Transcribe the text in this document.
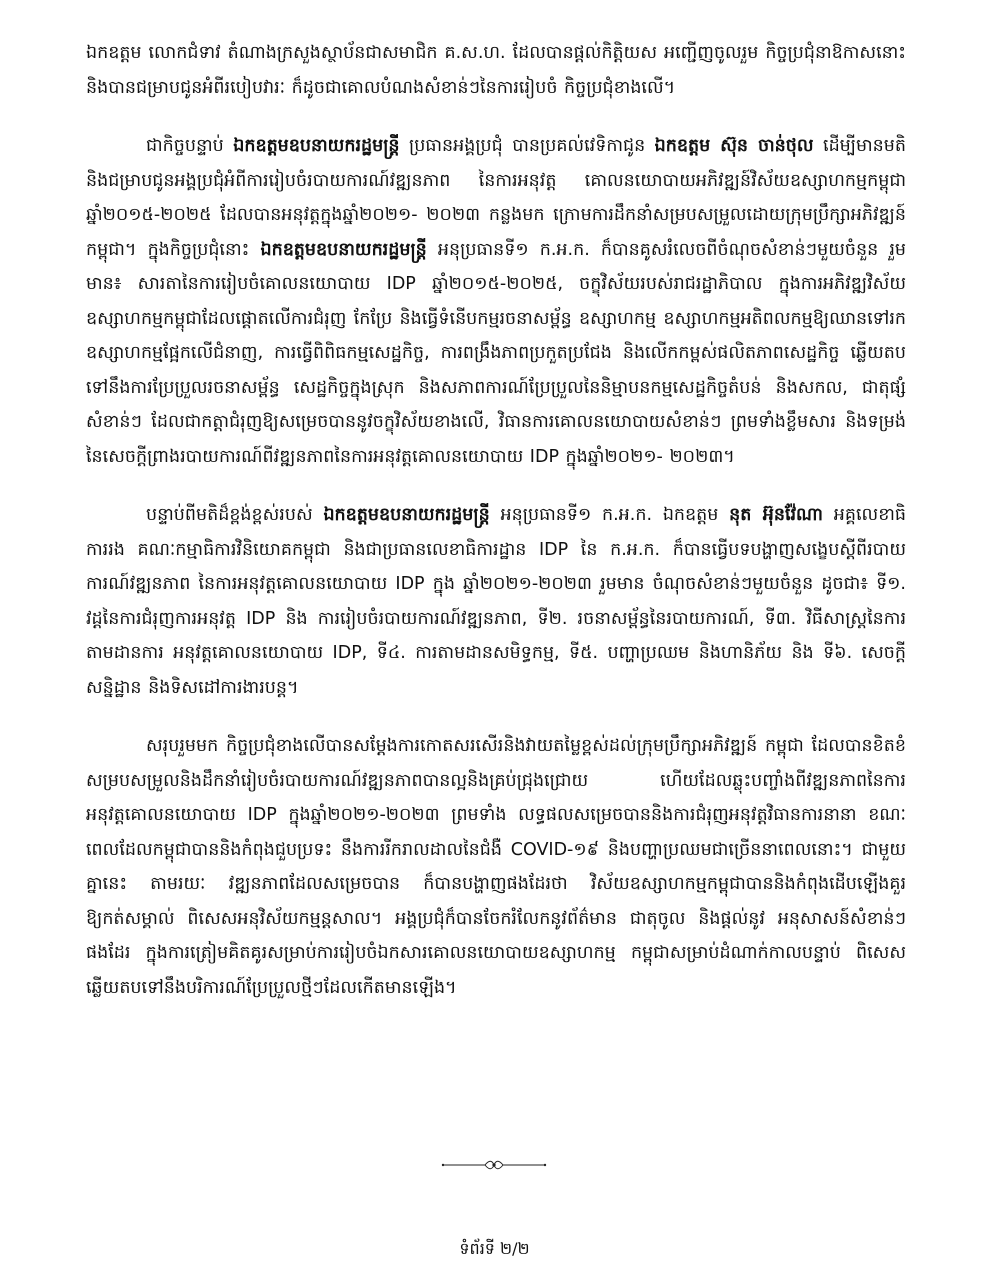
ឯកឧត្តម លោកជំទាវ តំណាងក្រសួងស្ថាប័នជាសមាជិក គ.ស.ហ. ដែលបានផ្តល់កិត្តិយស អញ្ជើញចូលរួម កិច្ចប្រជុំនាឱកាសនោះ និងបានជម្រាបជូនអំពីរបៀបវារៈ ក៏ដូចជាគោលបំណងសំខាន់ៗនៃការរៀបចំ កិច្ចប្រជុំខាងលើ។

ជាកិច្ចបន្ទាប់ ឯកឧត្តមឧបនាយករដ្ឋមន្ត្រី ប្រធានអង្គប្រជុំ បានប្រគល់វេទិកាជូន ឯកឧត្តម ស៊ុន ចាន់ថុល ដើម្បីមានមតិ និងជម្រាបជូនអង្គប្រជុំអំពីការរៀបចំរបាយការណ៍វឌ្ឍនភាព នៃការអនុវត្ត គោលនយោបាយអភិវឌ្ឍន៍វិស័យឧស្សាហកម្មកម្ពុជា ឆ្នាំ២០១៥-២០២៥ ដែលបានអនុវត្តក្នុងឆ្នាំ២០២១- ២០២៣ កន្លងមក ក្រោមការដឹកនាំសម្របសម្រួលដោយក្រុមប្រឹក្សាអភិវឌ្ឍន៍កម្ពុជា។ ក្នុងកិច្ចប្រជុំនោះ ឯកឧត្តមឧបនាយករដ្ឋមន្ត្រី អនុប្រធានទី១ ក.អ.ក. ក៏បានគូសរំលេចពីចំណុចសំខាន់ៗមួយចំនួន រួមមាន៖ សារតានៃការរៀបចំគោលនយោបាយ IDP ឆ្នាំ២០១៥-២០២៥, ចក្ខុវិស័យរបស់រាជរដ្ឋាភិបាល ក្នុងការអភិវឌ្ឍវិស័យឧស្សាហកម្មកម្ពុជាដែលផ្តោតលើការជំរុញ កែប្រែ និងធ្វើទំនើបកម្មរចនាសម្ព័ន្ធ ឧស្សាហកម្ម ឧស្សាហកម្មអតិពលកម្មឱ្យឈានទៅរកឧស្សាហកម្មផ្អែកលើជំនាញ, ការធ្វើពិពិធកម្មសេដ្ឋកិច្ច, ការពង្រឹងភាពប្រកួតប្រជែង និងលើកកម្ពស់ផលិតភាពសេដ្ឋកិច្ច ឆ្លើយតបទៅនឹងការប្រែប្រួលរចនាសម្ព័ន្ធ សេដ្ឋកិច្ចក្នុងស្រុក និងសភាពការណ៍ប្រែប្រួលនៃនិម្មាបនកម្មសេដ្ឋកិច្ចតំបន់ និងសកល, ជាតុផ្សំសំខាន់ៗ ដែលជាកត្តាជំរុញឱ្យសម្រេចបាននូវចក្ខុវិស័យខាងលើ, វិធានការគោលនយោបាយសំខាន់ៗ ព្រមទាំងខ្លឹមសារ និងទម្រង់នៃសេចក្តីព្រាងរបាយការណ៍ពីវឌ្ឍនភាពនៃការអនុវត្តគោលនយោបាយ IDP ក្នុងឆ្នាំ២០២១- ២០២៣។

បន្ទាប់ពីមតិដ៏ខ្ពង់ខ្ពស់របស់ ឯកឧត្តមឧបនាយករដ្ឋមន្ត្រី អនុប្រធានទី១ ក.អ.ក. ឯកឧត្តម នុត អ៊ុនវ៉ែណា អគ្គលេខាធិការរង គណៈកម្មាធិការវិនិយោគកម្ពុជា និងជាប្រធានលេខាធិការដ្ឋាន IDP នៃ ក.អ.ក. ក៏បានធ្វើបទបង្ហាញសង្ខេបស្តីពីរបាយការណ៍វឌ្ឍនភាព នៃការអនុវត្តគោលនយោបាយ IDP ក្នុង ឆ្នាំ២០២១-២០២៣ រួមមាន ចំណុចសំខាន់ៗមួយចំនួន ដូចជា៖ ទី១. វដ្តនៃការជំរុញការអនុវត្ត IDP និង ការរៀបចំរបាយការណ៍វឌ្ឍនភាព, ទី២. រចនាសម្ព័ន្ធនៃរបាយការណ៍, ទី៣. វិធីសាស្ត្រនៃការតាមដានការ អនុវត្តគោលនយោបាយ IDP, ទី៤. ការតាមដានសមិទ្ធកម្ម, ទី៥. បញ្ហាប្រឈម និងហានិភ័យ និង ទី៦. សេចក្តីសន្និដ្ឋាន និងទិសដៅការងារបន្ត។

សរុបរួមមក កិច្ចប្រជុំខាងលើបានសម្តែងការកោតសរសើរនិងវាយតម្លៃខ្ពស់ដល់ក្រុមប្រឹក្សាអភិវឌ្ឍន៍ កម្ពុជា ដែលបានខិតខំសម្របសម្រួលនិងដឹកនាំរៀបចំរបាយការណ៍វឌ្ឍនភាពបានល្អនិងគ្រប់ជ្រុងជ្រោយ ហើយដែលឆ្លុះបញ្ចាំងពីវឌ្ឍនភាពនៃការអនុវត្តគោលនយោបាយ IDP ក្នុងឆ្នាំ២០២១-២០២៣ ព្រមទាំង លទ្ធផលសម្រេចបាននិងការជំរុញអនុវត្តវិធានការនានា ខណៈពេលដែលកម្ពុជាបាននិងកំពុងជួបប្រទះ នឹងការរីករាលដាលនៃជំងឺ COVID-១៩ និងបញ្ហាប្រឈមជាច្រើននាពេលនោះ។ ជាមួយគ្នានេះ តាមរយៈ វឌ្ឍនភាពដែលសម្រេចបាន ក៏បានបង្ហាញផងដែរថា វិស័យឧស្សាហកម្មកម្ពុជាបាននិងកំពុងដើបឡើងគួរ ឱ្យកត់សម្គាល់ ពិសេសអនុវិស័យកម្មន្តសាល។ អង្គប្រជុំក៏បានចែករំលែកនូវព័ត៌មាន ជាតុចូល និងផ្តល់នូវ អនុសាសន៍សំខាន់ៗផងដែរ ក្នុងការត្រៀមគិតគូរសម្រាប់ការរៀបចំឯកសារគោលនយោបាយឧស្សាហកម្ម កម្ពុជាសម្រាប់ដំណាក់កាលបន្ទាប់ ពិសេសឆ្លើយតបទៅនឹងបរិការណ៍ប្រែប្រួលថ្មីៗដែលកើតមានឡើង។

ទំព័រទី ២/២
